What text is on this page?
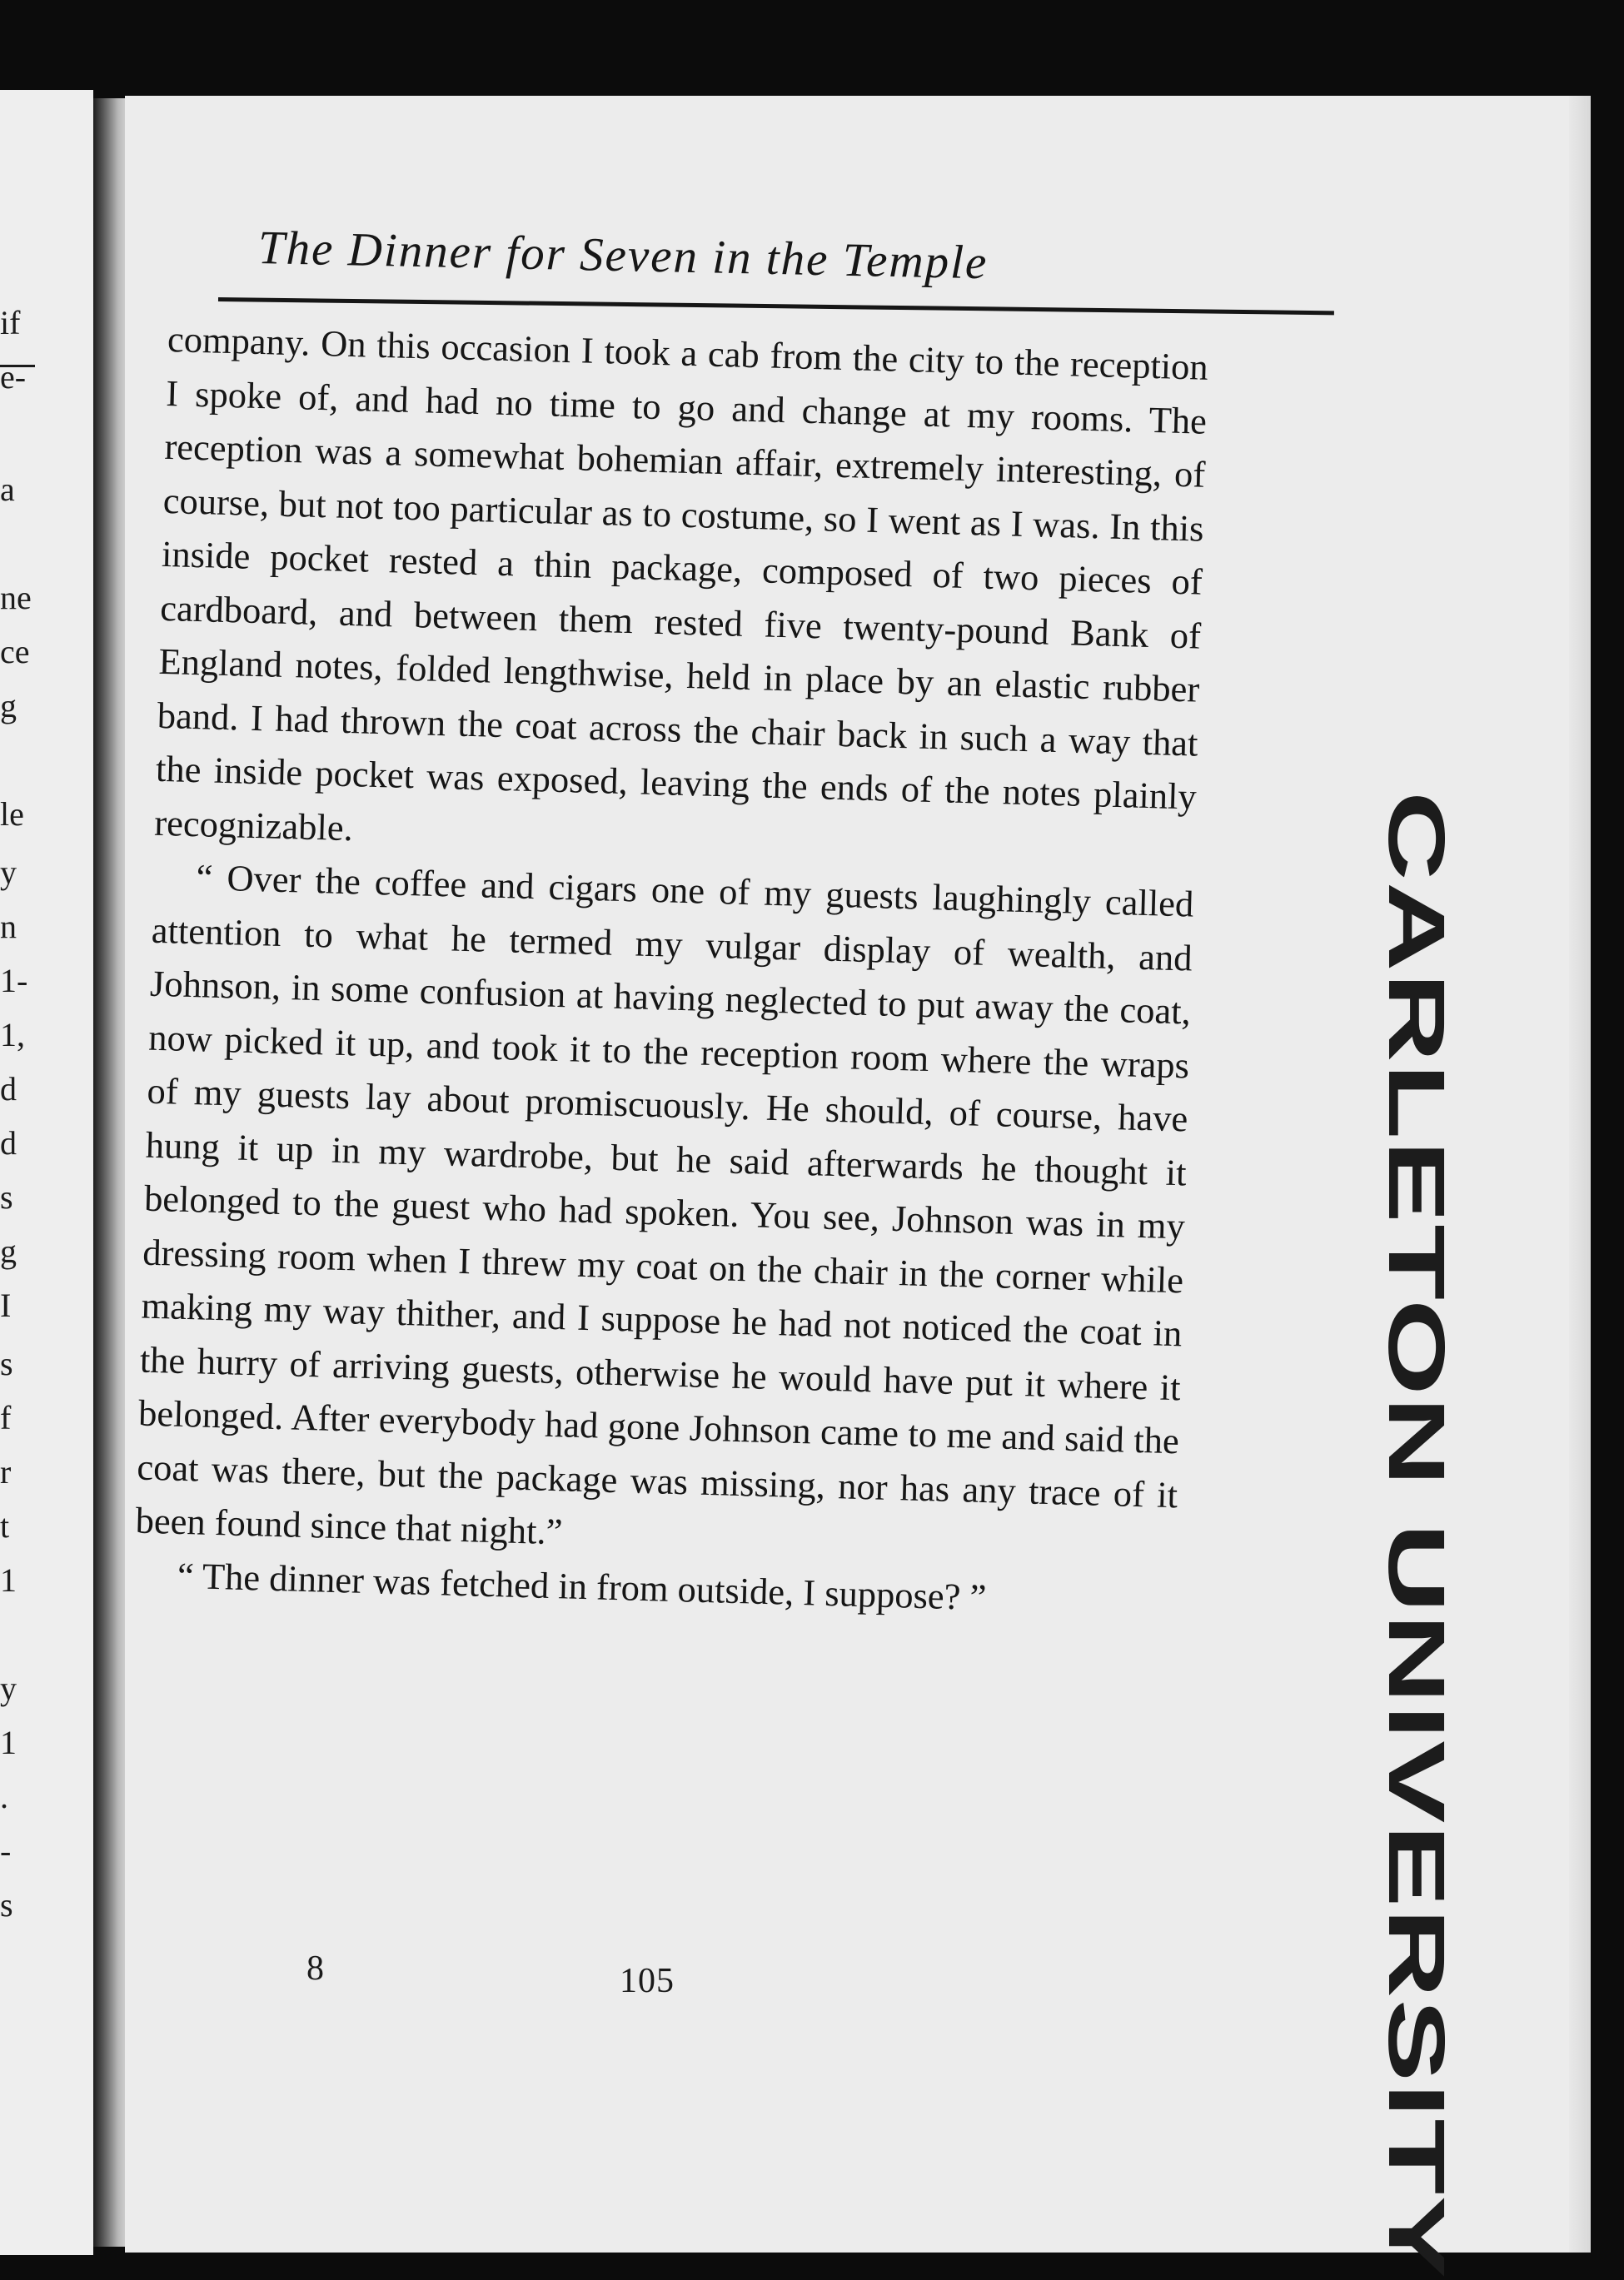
if
e-
a
ne
ce
g
le
y
n
1-
1,
d
d
s
g
I
s
f
r
t
1
y
1
.
-
s
The Dinner for Seven in the Temple

company. On this occasion I took a cab from the city to the reception I spoke of, and had no time to go and change at my rooms. The reception was a somewhat bohemian affair, extremely interesting, of course, but not too particular as to costume, so I went as I was. In this inside pocket rested a thin package, composed of two pieces of cardboard, and between them rested five twenty-pound Bank of England notes, folded lengthwise, held in place by an elastic rubber band. I had thrown the coat across the chair back in such a way that the inside pocket was exposed, leaving the ends of the notes plainly recognizable.

“ Over the coffee and cigars one of my guests laughingly called attention to what he termed my vulgar display of wealth, and Johnson, in some confusion at having neglected to put away the coat, now picked it up, and took it to the reception room where the wraps of my guests lay about promiscuously. He should, of course, have hung it up in my wardrobe, but he said afterwards he thought it belonged to the guest who had spoken. You see, Johnson was in my dressing room when I threw my coat on the chair in the corner while making my way thither, and I suppose he had not noticed the coat in the hurry of arriving guests, otherwise he would have put it where it belonged. After everybody had gone Johnson came to me and said the coat was there, but the package was missing, nor has any trace of it been found since that night.”

“ The dinner was fetched in from outside, I suppose? ”

8	105	CARLETON UNIVERSITY
